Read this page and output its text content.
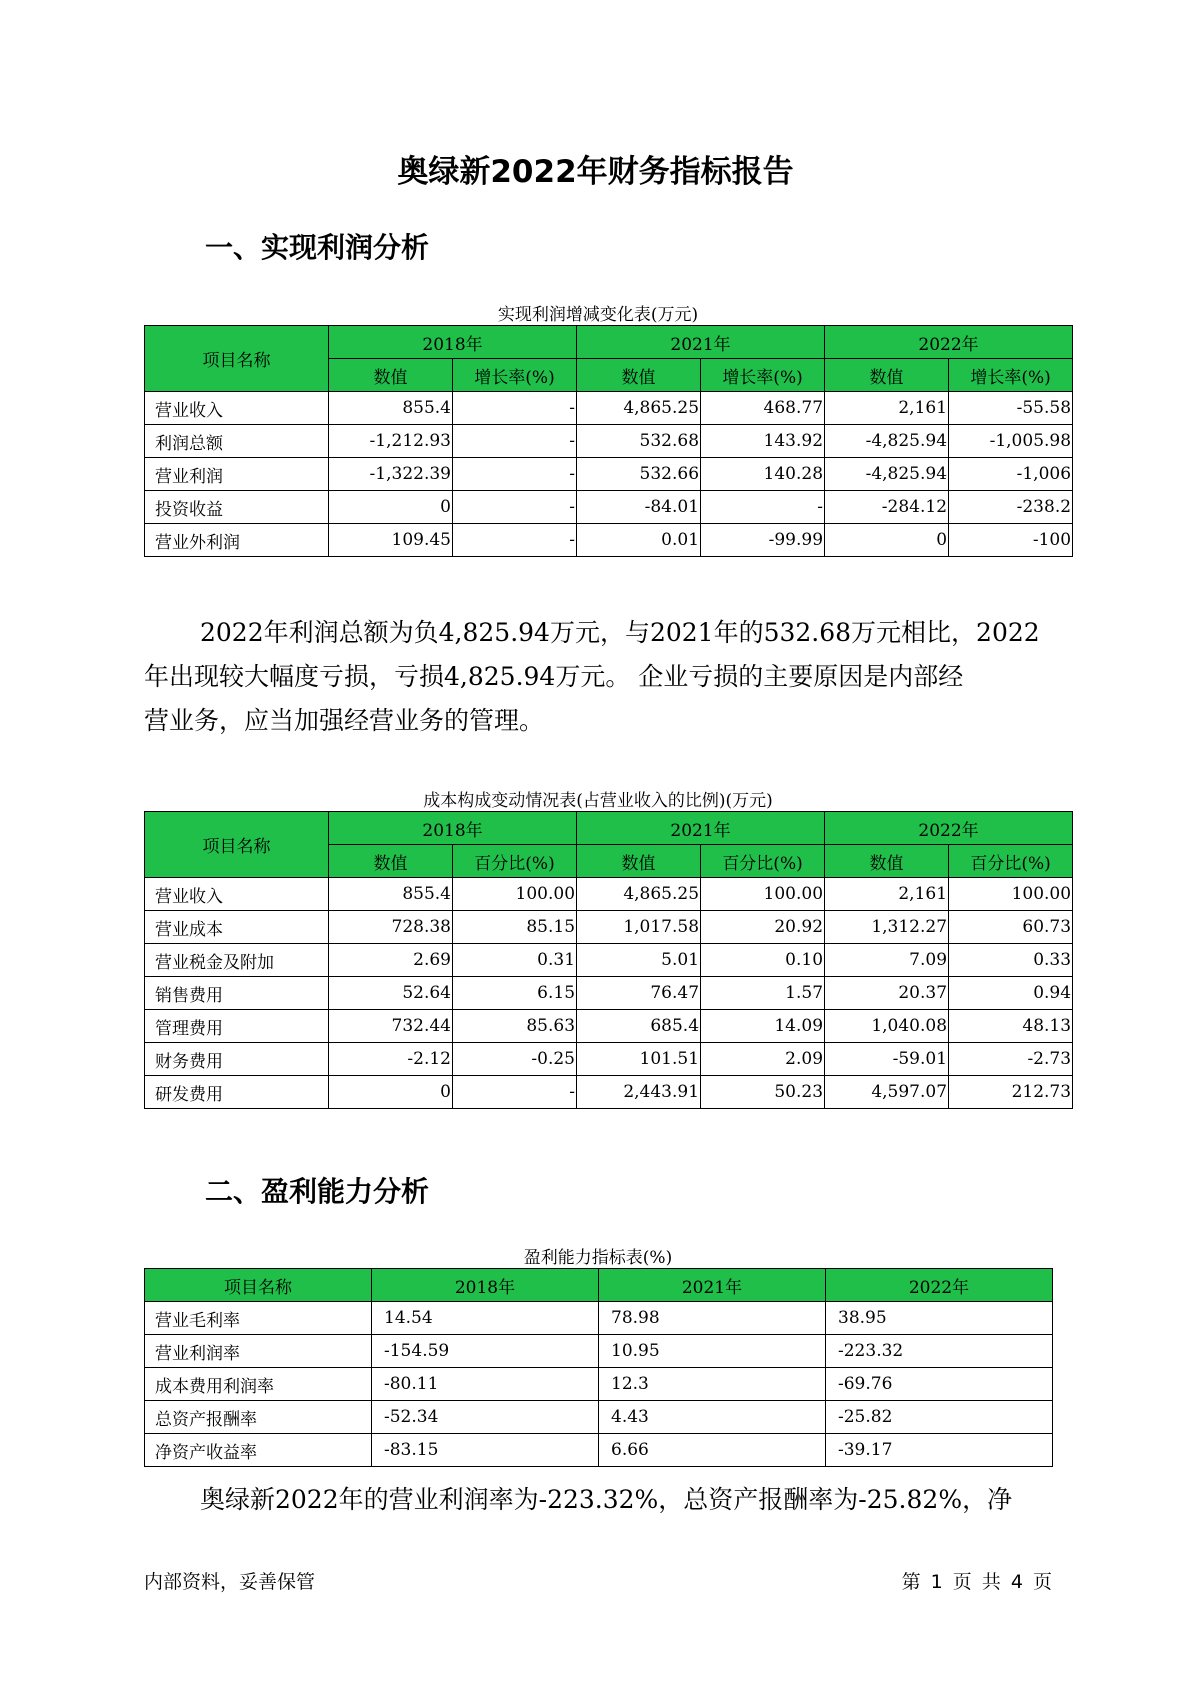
奥绿新2022年财务指标报告
一、实现利润分析
实现利润增减变化表(万元)
项目名称	2018年		2021年		2022年	
	数值	增长率(%)	数值	增长率(%)	数值	增长率(%)
营业收入	855.4	-	4,865.25	468.77	2,161	-55.58
利润总额	-1,212.93	-	532.68	143.92	-4,825.94	-1,005.98
营业利润	-1,322.39	-	532.66	140.28	-4,825.94	-1,006
投资收益	0	-	-84.01	-	-284.12	-238.2
营业外利润	109.45	-	0.01	-99.99	0	-100

2022年利润总额为负4,825.94万元，与2021年的532.68万元相比，2022
年出现较大幅度亏损，亏损4,825.94万元。 企业亏损的主要原因是内部经
营业务，应当加强经营业务的管理。

成本构成变动情况表(占营业收入的比例)(万元)
项目名称	2018年		2021年		2022年	
	数值	百分比(%)	数值	百分比(%)	数值	百分比(%)
营业收入	855.4	100.00	4,865.25	100.00	2,161	100.00
营业成本	728.38	85.15	1,017.58	20.92	1,312.27	60.73
营业税金及附加	2.69	0.31	5.01	0.10	7.09	0.33
销售费用	52.64	6.15	76.47	1.57	20.37	0.94
管理费用	732.44	85.63	685.4	14.09	1,040.08	48.13
财务费用	-2.12	-0.25	101.51	2.09	-59.01	-2.73
研发费用	0	-	2,443.91	50.23	4,597.07	212.73
二、盈利能力分析
盈利能力指标表(%)
项目名称	2018年	2021年	2022年
营业毛利率	14.54	78.98	38.95
营业利润率	-154.59	10.95	-223.32
成本费用利润率	-80.11	12.3	-69.76
总资产报酬率	-52.34	4.43	-25.82
净资产收益率	-83.15	6.66	-39.17

奥绿新2022年的营业利润率为-223.32%，总资产报酬率为-25.82%，净

内部资料，妥善保管	第 1 页 共 4 页
